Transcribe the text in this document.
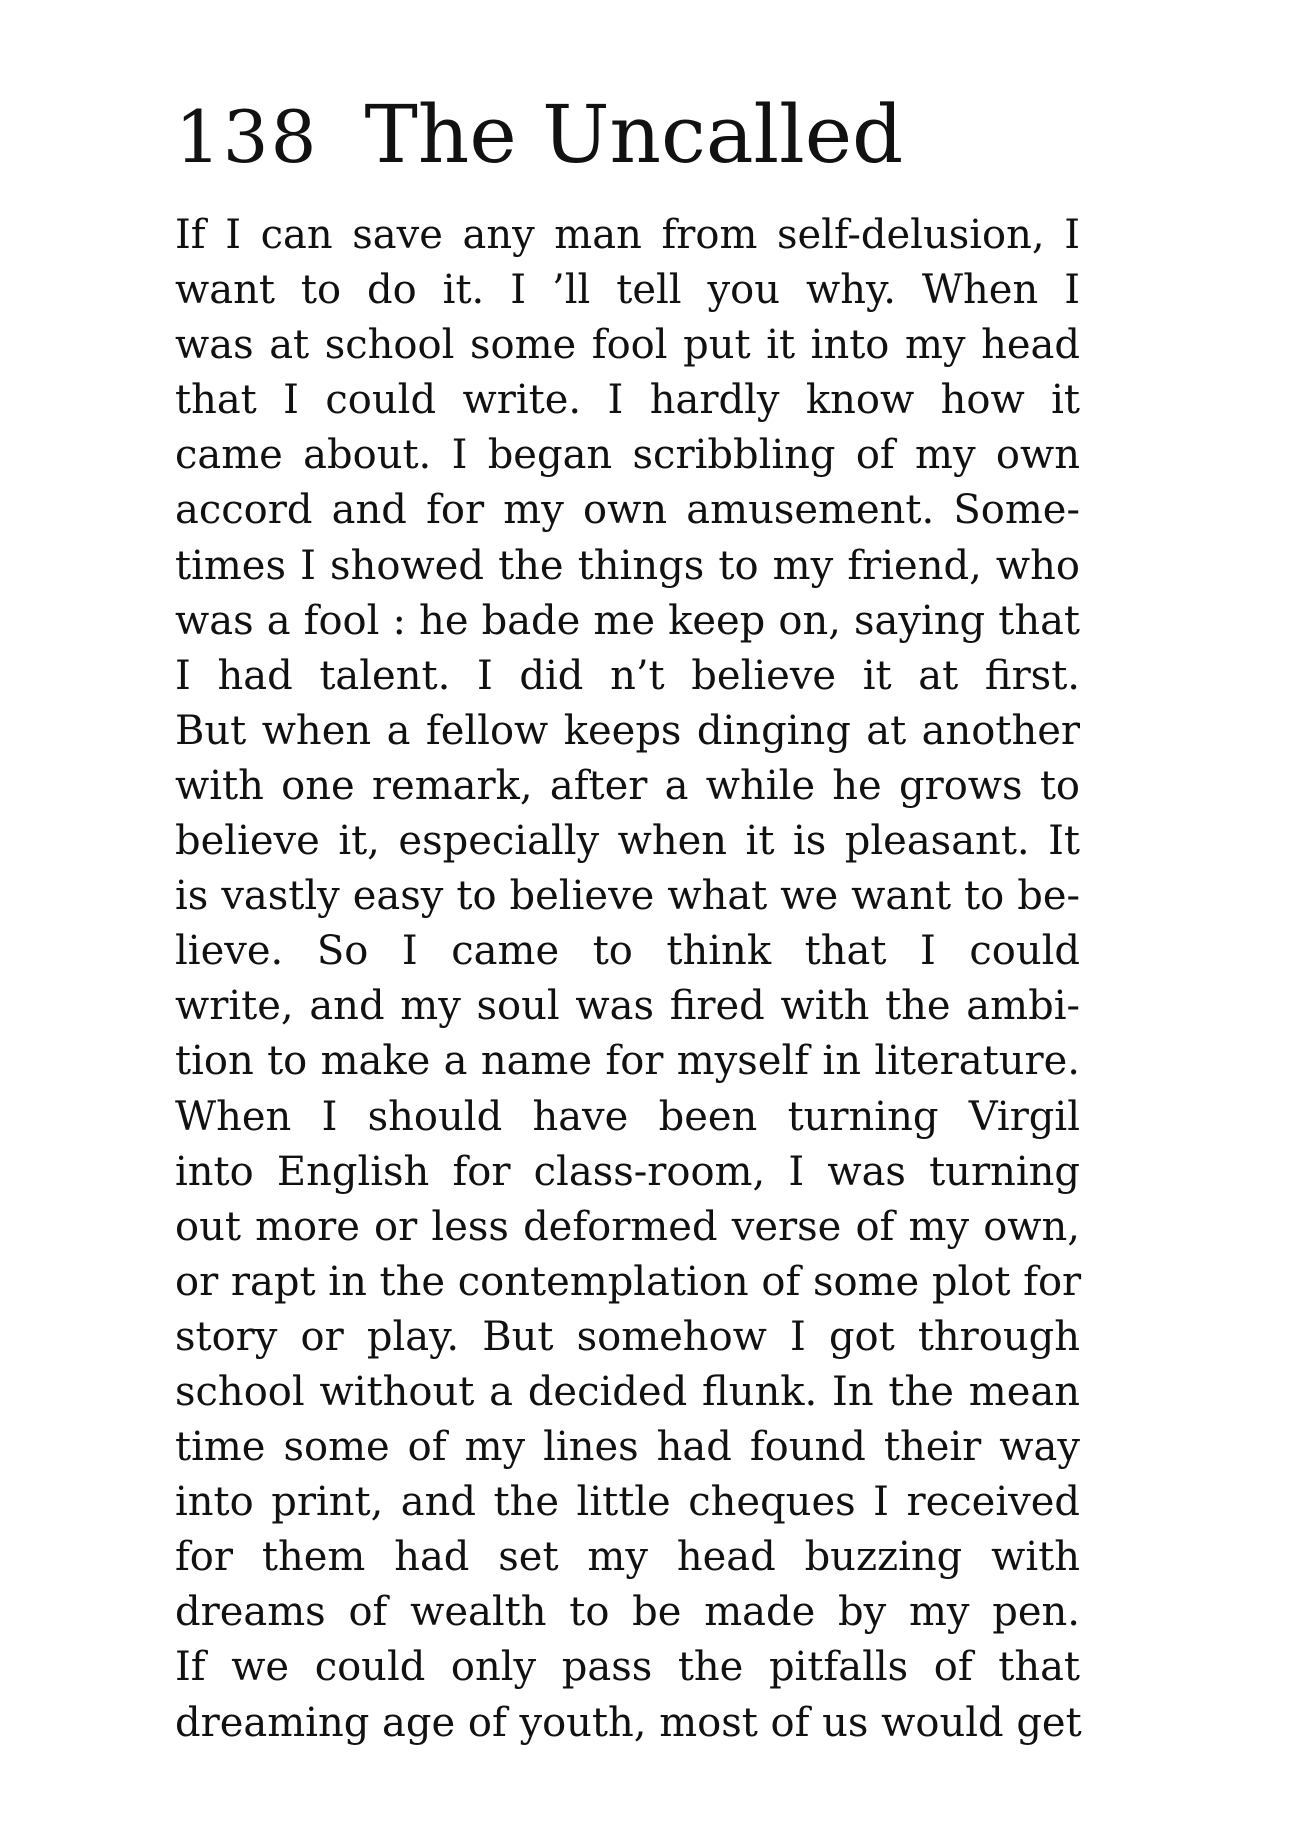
138 The Uncalled
If I can save any man from self-delusion, I
want to do it. I ’ll tell you why. When I
was at school some fool put it into my head
that I could write. I hardly know how it
came about. I began scribbling of my own
accord and for my own amusement. Some-
times I showed the things to my friend, who
was a fool : he bade me keep on, saying that
I had talent. I did n’t believe it at first.
But when a fellow keeps dinging at another
with one remark, after a while he grows to
believe it, especially when it is pleasant. It
is vastly easy to believe what we want to be-
lieve. So I came to think that I could
write, and my soul was fired with the ambi-
tion to make a name for myself in literature.
When I should have been turning Virgil
into English for class-room, I was turning
out more or less deformed verse of my own,
or rapt in the contemplation of some plot for
story or play. But somehow I got through
school without a decided flunk. In the mean
time some of my lines had found their way
into print, and the little cheques I received
for them had set my head buzzing with
dreams of wealth to be made by my pen.
If we could only pass the pitfalls of that
dreaming age of youth, most of us would get
